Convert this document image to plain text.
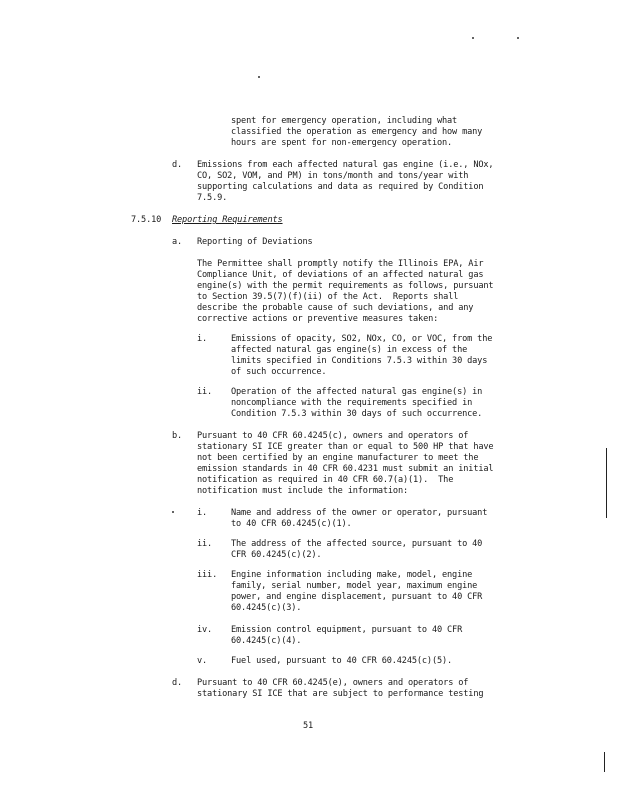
spent for emergency operation, including what
classified the operation as emergency and how many
hours are spent for non-emergency operation.
d. Emissions from each affected natural gas engine (i.e., NOx,
CO, SO2, VOM, and PM) in tons/month and tons/year with
supporting calculations and data as required by Condition
7.5.9.
7.5.10 Reporting Requirements
a. Reporting of Deviations
The Permittee shall promptly notify the Illinois EPA, Air
Compliance Unit, of deviations of an affected natural gas
engine(s) with the permit requirements as follows, pursuant
to Section 39.5(7)(f)(ii) of the Act.  Reports shall
describe the probable cause of such deviations, and any
corrective actions or preventive measures taken:
i.	Emissions of opacity, SO2, NOx, CO, or VOC, from the
affected natural gas engine(s) in excess of the
limits specified in Conditions 7.5.3 within 30 days
of such occurrence.
ii. Operation of the affected natural gas engine(s) in
noncompliance with the requirements specified in
Condition 7.5.3 within 30 days of such occurrence.
b. Pursuant to 40 CFR 60.4245(c), owners and operators of
stationary SI ICE greater than or equal to 500 HP that have
not been certified by an engine manufacturer to meet the
emission standards in 40 CFR 60.4231 must submit an initial
notification as required in 40 CFR 60.7(a)(1).  The
notification must include the information:
i.	Name and address of the owner or operator, pursuant
to 40 CFR 60.4245(c)(1).
ii. The address of the affected source, pursuant to 40
CFR 60.4245(c)(2).
iii. Engine information including make, model, engine
family, serial number, model year, maximum engine
power, and engine displacement, pursuant to 40 CFR
60.4245(c)(3).
iv. Emission control equipment, pursuant to 40 CFR
60.4245(c)(4).
v.	Fuel used, pursuant to 40 CFR 60.4245(c)(5).
d. Pursuant to 40 CFR 60.4245(e), owners and operators of
stationary SI ICE that are subject to performance testing
51
